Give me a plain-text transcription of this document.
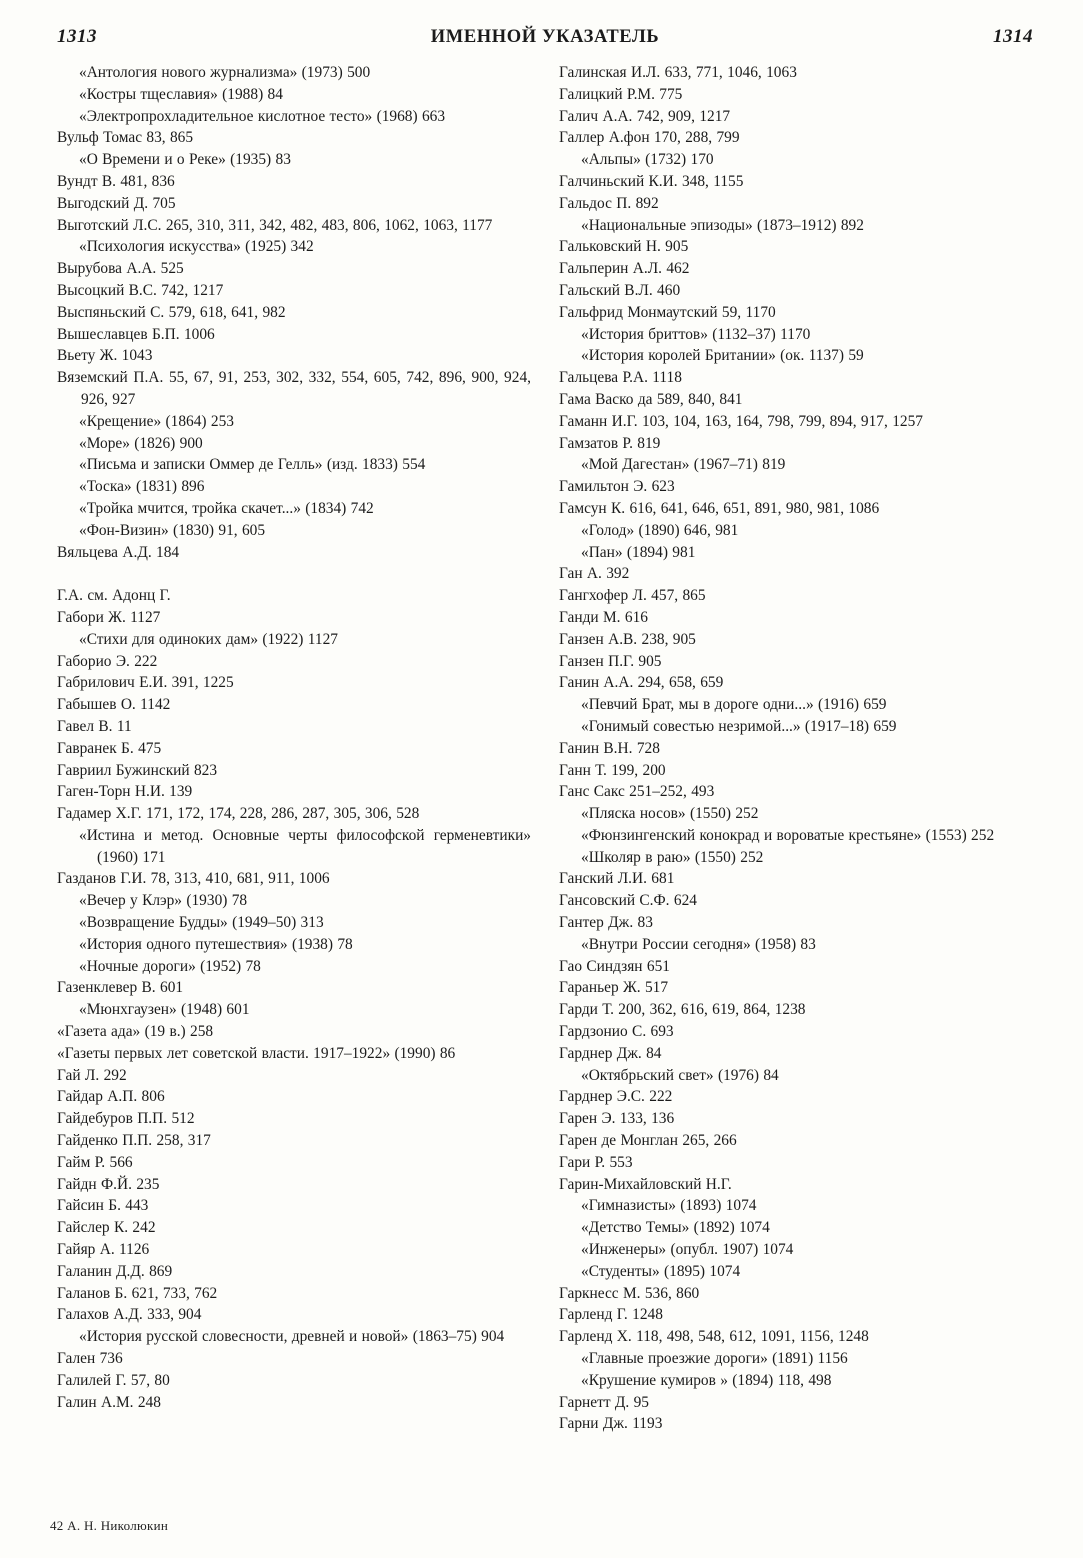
1313	ИМЕННОЙ УКАЗАТЕЛЬ	1314
«Антология нового журнализма» (1973) 500
«Костры тщеславия» (1988) 84
«Электропрохладительное кислотное тесто» (1968) 663
Вульф Томас 83, 865
«О Времени и о Реке» (1935) 83
Вундт В. 481, 836
Выгодский Д. 705
Выготский Л.С. 265, 310, 311, 342, 482, 483, 806, 1062, 1063, 1177
«Психология искусства» (1925) 342
Вырубова А.А. 525
Высоцкий В.С. 742, 1217
Выспяньский С. 579, 618, 641, 982
Вышеславцев Б.П. 1006
Вьету Ж. 1043
Вяземский П.А. 55, 67, 91, 253, 302, 332, 554, 605, 742, 896, 900, 924, 926, 927
«Крещение» (1864) 253
«Море» (1826) 900
«Письма и записки Оммер де Гелль» (изд. 1833) 554
«Тоска» (1831) 896
«Тройка мчится, тройка скачет...» (1834) 742
«Фон-Визин» (1830) 91, 605
Вяльцева А.Д. 184
Г.А. см. Адонц Г.
Габори Ж. 1127
«Стихи для одиноких дам» (1922) 1127
Габорио Э. 222
Габрилович Е.И. 391, 1225
Габышев О. 1142
Гавел В. 11
Гавранек Б. 475
Гавриил Бужинский 823
Гаген-Торн Н.И. 139
Гадамер Х.Г. 171, 172, 174, 228, 286, 287, 305, 306, 528
«Истина и метод. Основные черты философской герменевтики» (1960) 171
Газданов Г.И. 78, 313, 410, 681, 911, 1006
«Вечер у Клэр» (1930) 78
«Возвращение Будды» (1949–50) 313
«История одного путешествия» (1938) 78
«Ночные дороги» (1952) 78
Газенклевер В. 601
«Мюнхгаузен» (1948) 601
«Газета ада» (19 в.) 258
«Газеты первых лет советской власти. 1917–1922» (1990) 86
Гай Л. 292
Гайдар А.П. 806
Гайдебуров П.П. 512
Гайденко П.П. 258, 317
Гайм Р. 566
Гайдн Ф.Й. 235
Гайсин Б. 443
Гайслер К. 242
Гайяр А. 1126
Галанин Д.Д. 869
Галанов Б. 621, 733, 762
Галахов А.Д. 333, 904
«История русской словесности, древней и новой» (1863–75) 904
Гален 736
Галилей Г. 57, 80
Галин А.М. 248
Галинская И.Л. 633, 771, 1046, 1063
Галицкий Р.М. 775
Галич А.А. 742, 909, 1217
Галлер А.фон 170, 288, 799
«Альпы» (1732) 170
Галчиньский К.И. 348, 1155
Гальдос П. 892
«Национальные эпизоды» (1873–1912) 892
Гальковский Н. 905
Гальперин А.Л. 462
Гальский В.Л. 460
Гальфрид Монмаутский 59, 1170
«История бриттов» (1132–37) 1170
«История королей Британии» (ок. 1137) 59
Гальцева Р.А. 1118
Гама Васко да 589, 840, 841
Гаманн И.Г. 103, 104, 163, 164, 798, 799, 894, 917, 1257
Гамзатов Р. 819
«Мой Дагестан» (1967–71) 819
Гамильтон Э. 623
Гамсун К. 616, 641, 646, 651, 891, 980, 981, 1086
«Голод» (1890) 646, 981
«Пан» (1894) 981
Ган А. 392
Гангхофер Л. 457, 865
Ганди М. 616
Ганзен А.В. 238, 905
Ганзен П.Г. 905
Ганин А.А. 294, 658, 659
«Певчий Брат, мы в дороге одни...» (1916) 659
«Гонимый совестью незримой...» (1917–18) 659
Ганин В.Н. 728
Ганн Т. 199, 200
Ганс Сакс 251–252, 493
«Пляска носов» (1550) 252
«Фюнзингенский конокрад и вороватые крестьяне» (1553) 252
«Школяр в раю» (1550) 252
Ганский Л.И. 681
Гансовский С.Ф. 624
Гантер Дж. 83
«Внутри России сегодня» (1958) 83
Гао Синдзян 651
Гараньер Ж. 517
Гарди Т. 200, 362, 616, 619, 864, 1238
Гардзонио С. 693
Гарднер Дж. 84
«Октябрьский свет» (1976) 84
Гарднер Э.С. 222
Гарен Э. 133, 136
Гарен де Монглан 265, 266
Гари Р. 553
Гарин-Михайловский Н.Г.
«Гимназисты» (1893) 1074
«Детство Темы» (1892) 1074
«Инженеры» (опубл. 1907) 1074
«Студенты» (1895) 1074
Гаркнесс М. 536, 860
Гарленд Г. 1248
Гарленд Х. 118, 498, 548, 612, 1091, 1156, 1248
«Главные проезжие дороги» (1891) 1156
«Крушение кумиров » (1894) 118, 498
Гарнетт Д. 95
Гарни Дж. 1193
42 А. Н. Николюкин
